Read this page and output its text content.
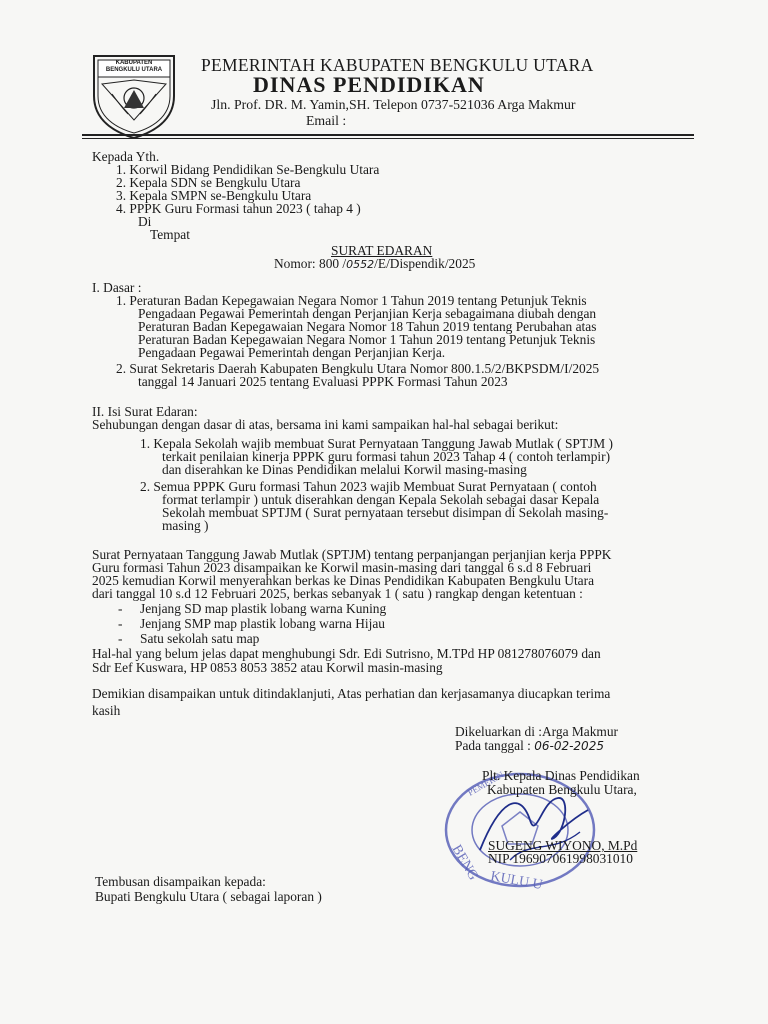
KABUPATEN
BENGKULU UTARA	PEMERINTAH KABUPATEN BENGKULU UTARA
DINAS PENDIDIKAN
Jln. Prof. DR. M. Yamin,SH. Telepon 0737-521036 Arga Makmur
Email :
Kepada Yth.
1. Korwil Bidang Pendidikan Se-Bengkulu Utara
2. Kepala SDN se Bengkulu Utara
3. Kepala SMPN se-Bengkulu Utara
4. PPPK Guru Formasi tahun 2023 ( tahap 4 )
Di
Tempat
SURAT EDARAN
Nomor: 800 /0552/E/Dispendik/2025
I. Dasar :
1. Peraturan Badan Kepegawaian Negara Nomor 1 Tahun 2019 tentang Petunjuk Teknis
Pengadaan Pegawai Pemerintah dengan Perjanjian Kerja sebagaimana diubah dengan
Peraturan Badan Kepegawaian Negara Nomor 18 Tahun 2019 tentang Perubahan atas
Peraturan Badan Kepegawaian Negara Nomor 1 Tahun 2019 tentang Petunjuk Teknis
Pengadaan Pegawai Pemerintah dengan Perjanjian Kerja.
2. Surat Sekretaris Daerah Kabupaten Bengkulu Utara Nomor 800.1.5/2/BKPSDM/I/2025
tanggal 14 Januari 2025 tentang Evaluasi PPPK Formasi Tahun 2023
II. Isi Surat Edaran:
Sehubungan dengan dasar di atas, bersama ini kami sampaikan hal-hal sebagai berikut:
1. Kepala Sekolah wajib membuat Surat Pernyataan Tanggung Jawab Mutlak ( SPTJM )
terkait penilaian kinerja PPPK guru formasi tahun 2023 Tahap 4 ( contoh terlampir)
dan diserahkan ke Dinas Pendidikan melalui Korwil masing-masing
2. Semua PPPK Guru formasi Tahun 2023 wajib Membuat Surat Pernyataan ( contoh
format terlampir ) untuk diserahkan dengan Kepala Sekolah sebagai dasar Kepala
Sekolah membuat SPTJM ( Surat pernyataan tersebut disimpan di Sekolah masing-
masing )
Surat Pernyataan Tanggung Jawab Mutlak (SPTJM) tentang perpanjangan perjanjian kerja PPPK
Guru formasi Tahun 2023 disampaikan ke Korwil masin-masing dari tanggal 6 s.d 8 Februari
2025 kemudian Korwil menyerahkan berkas ke Dinas Pendidikan Kabupaten Bengkulu Utara
dari tanggal 10 s.d 12 Februari 2025, berkas sebanyak 1 ( satu ) rangkap dengan ketentuan :
- Jenjang SD map plastik lobang warna Kuning
- Jenjang SMP map plastik lobang warna Hijau
- Satu sekolah satu map
Hal-hal yang belum jelas dapat menghubungi Sdr. Edi Sutrisno, M.TPd HP 081278076079 dan
Sdr Eef Kuswara, HP 0853 8053 3852 atau Korwil masin-masing
Demikian disampaikan untuk ditindaklanjuti, Atas perhatian dan kerjasamanya diucapkan terima
kasih
Dikeluarkan di :Arga Makmur
Pada tanggal : 06-02-2025
PEMERIN
KULU U
BENG
Plt. Kepala Dinas Pendidikan
Kabupaten Bengkulu Utara,
SUGENG WIYONO, M.Pd
NIP 196907061998031010
Tembusan disampaikan kepada:
Bupati Bengkulu Utara ( sebagai laporan )
